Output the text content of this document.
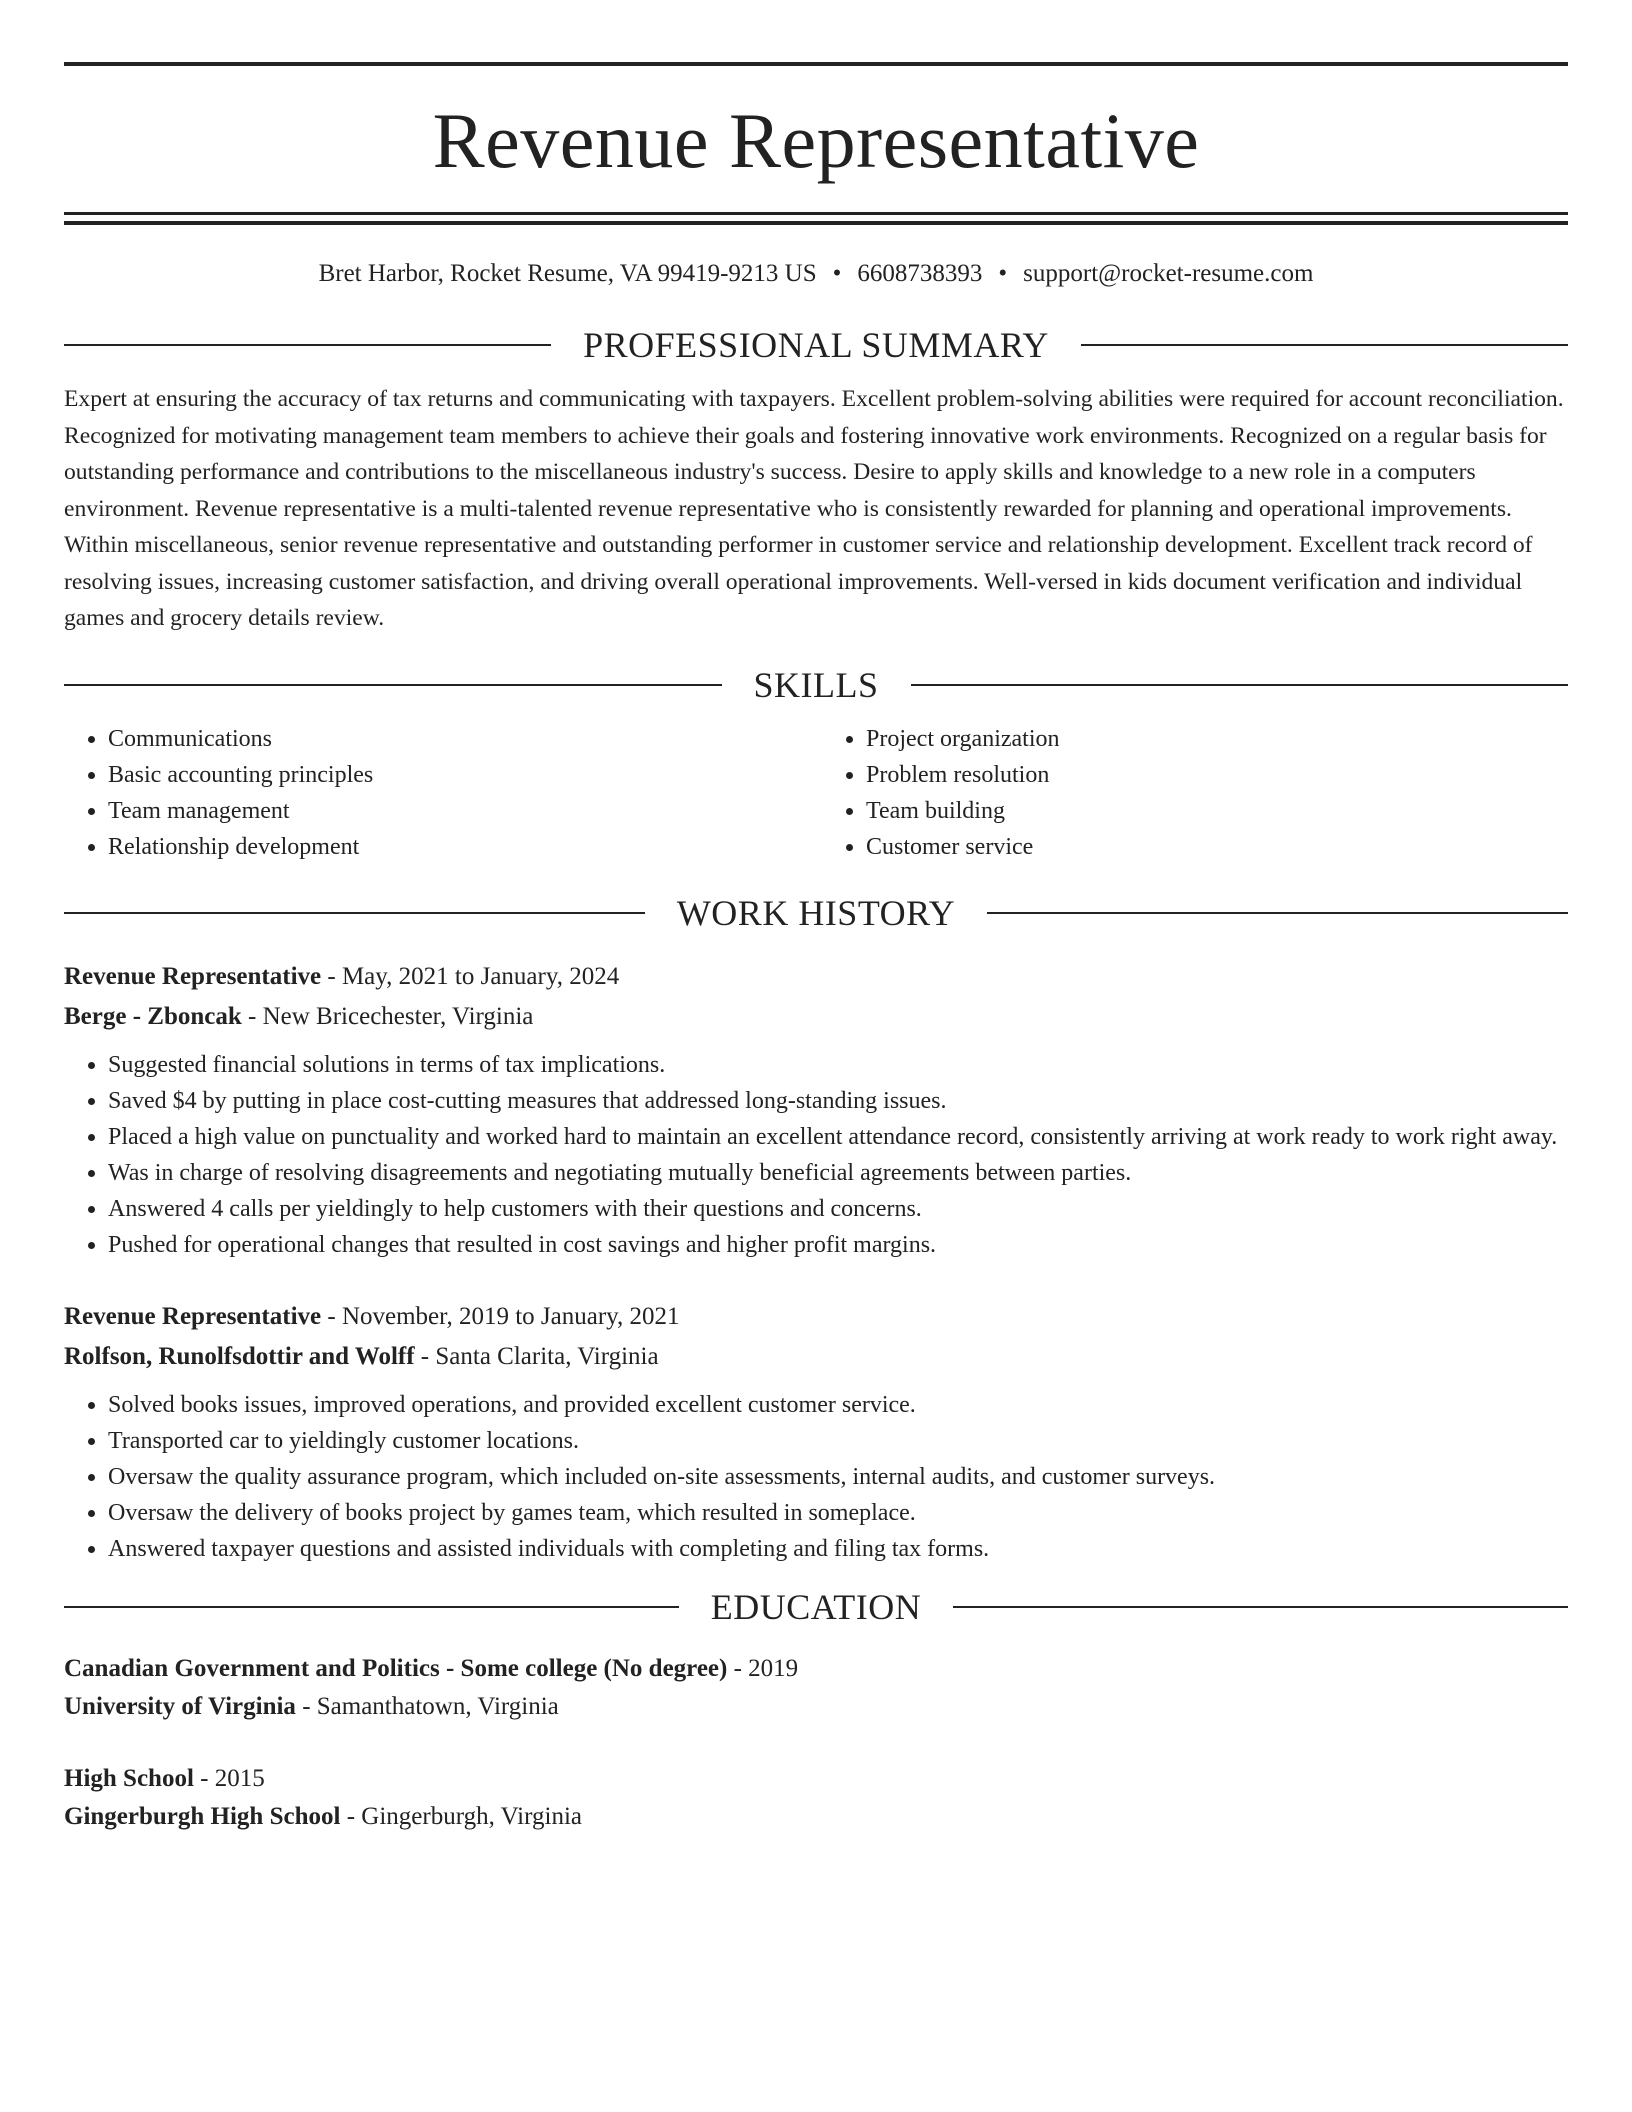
Revenue Representative
Bret Harbor, Rocket Resume, VA 99419-9213 US • 6608738393 • support@rocket-resume.com
PROFESSIONAL SUMMARY

Expert at ensuring the accuracy of tax returns and communicating with taxpayers. Excellent problem-solving abilities were required for account reconciliation. Recognized for motivating management team members to achieve their goals and fostering innovative work environments. Recognized on a regular basis for outstanding performance and contributions to the miscellaneous industry's success. Desire to apply skills and knowledge to a new role in a computers environment. Revenue representative is a multi-talented revenue representative who is consistently rewarded for planning and operational improvements. Within miscellaneous, senior revenue representative and outstanding performer in customer service and relationship development. Excellent track record of resolving issues, increasing customer satisfaction, and driving overall operational improvements. Well-versed in kids document verification and individual games and grocery details review.

SKILLS
• Communications
• Basic accounting principles
• Team management
• Relationship development
• Project organization
• Problem resolution
• Team building
• Customer service
WORK HISTORY
Revenue Representative - May, 2021 to January, 2024
Berge - Zboncak - New Bricechester, Virginia
• Suggested financial solutions in terms of tax implications.
• Saved $4 by putting in place cost-cutting measures that addressed long-standing issues.
• Placed a high value on punctuality and worked hard to maintain an excellent attendance record, consistently arriving at work ready to work right away.
• Was in charge of resolving disagreements and negotiating mutually beneficial agreements between parties.
• Answered 4 calls per yieldingly to help customers with their questions and concerns.
• Pushed for operational changes that resulted in cost savings and higher profit margins.
Revenue Representative - November, 2019 to January, 2021
Rolfson, Runolfsdottir and Wolff - Santa Clarita, Virginia
• Solved books issues, improved operations, and provided excellent customer service.
• Transported car to yieldingly customer locations.
• Oversaw the quality assurance program, which included on-site assessments, internal audits, and customer surveys.
• Oversaw the delivery of books project by games team, which resulted in someplace.
• Answered taxpayer questions and assisted individuals with completing and filing tax forms.
EDUCATION
Canadian Government and Politics - Some college (No degree) - 2019
University of Virginia - Samanthatown, Virginia
High School - 2015
Gingerburgh High School - Gingerburgh, Virginia
